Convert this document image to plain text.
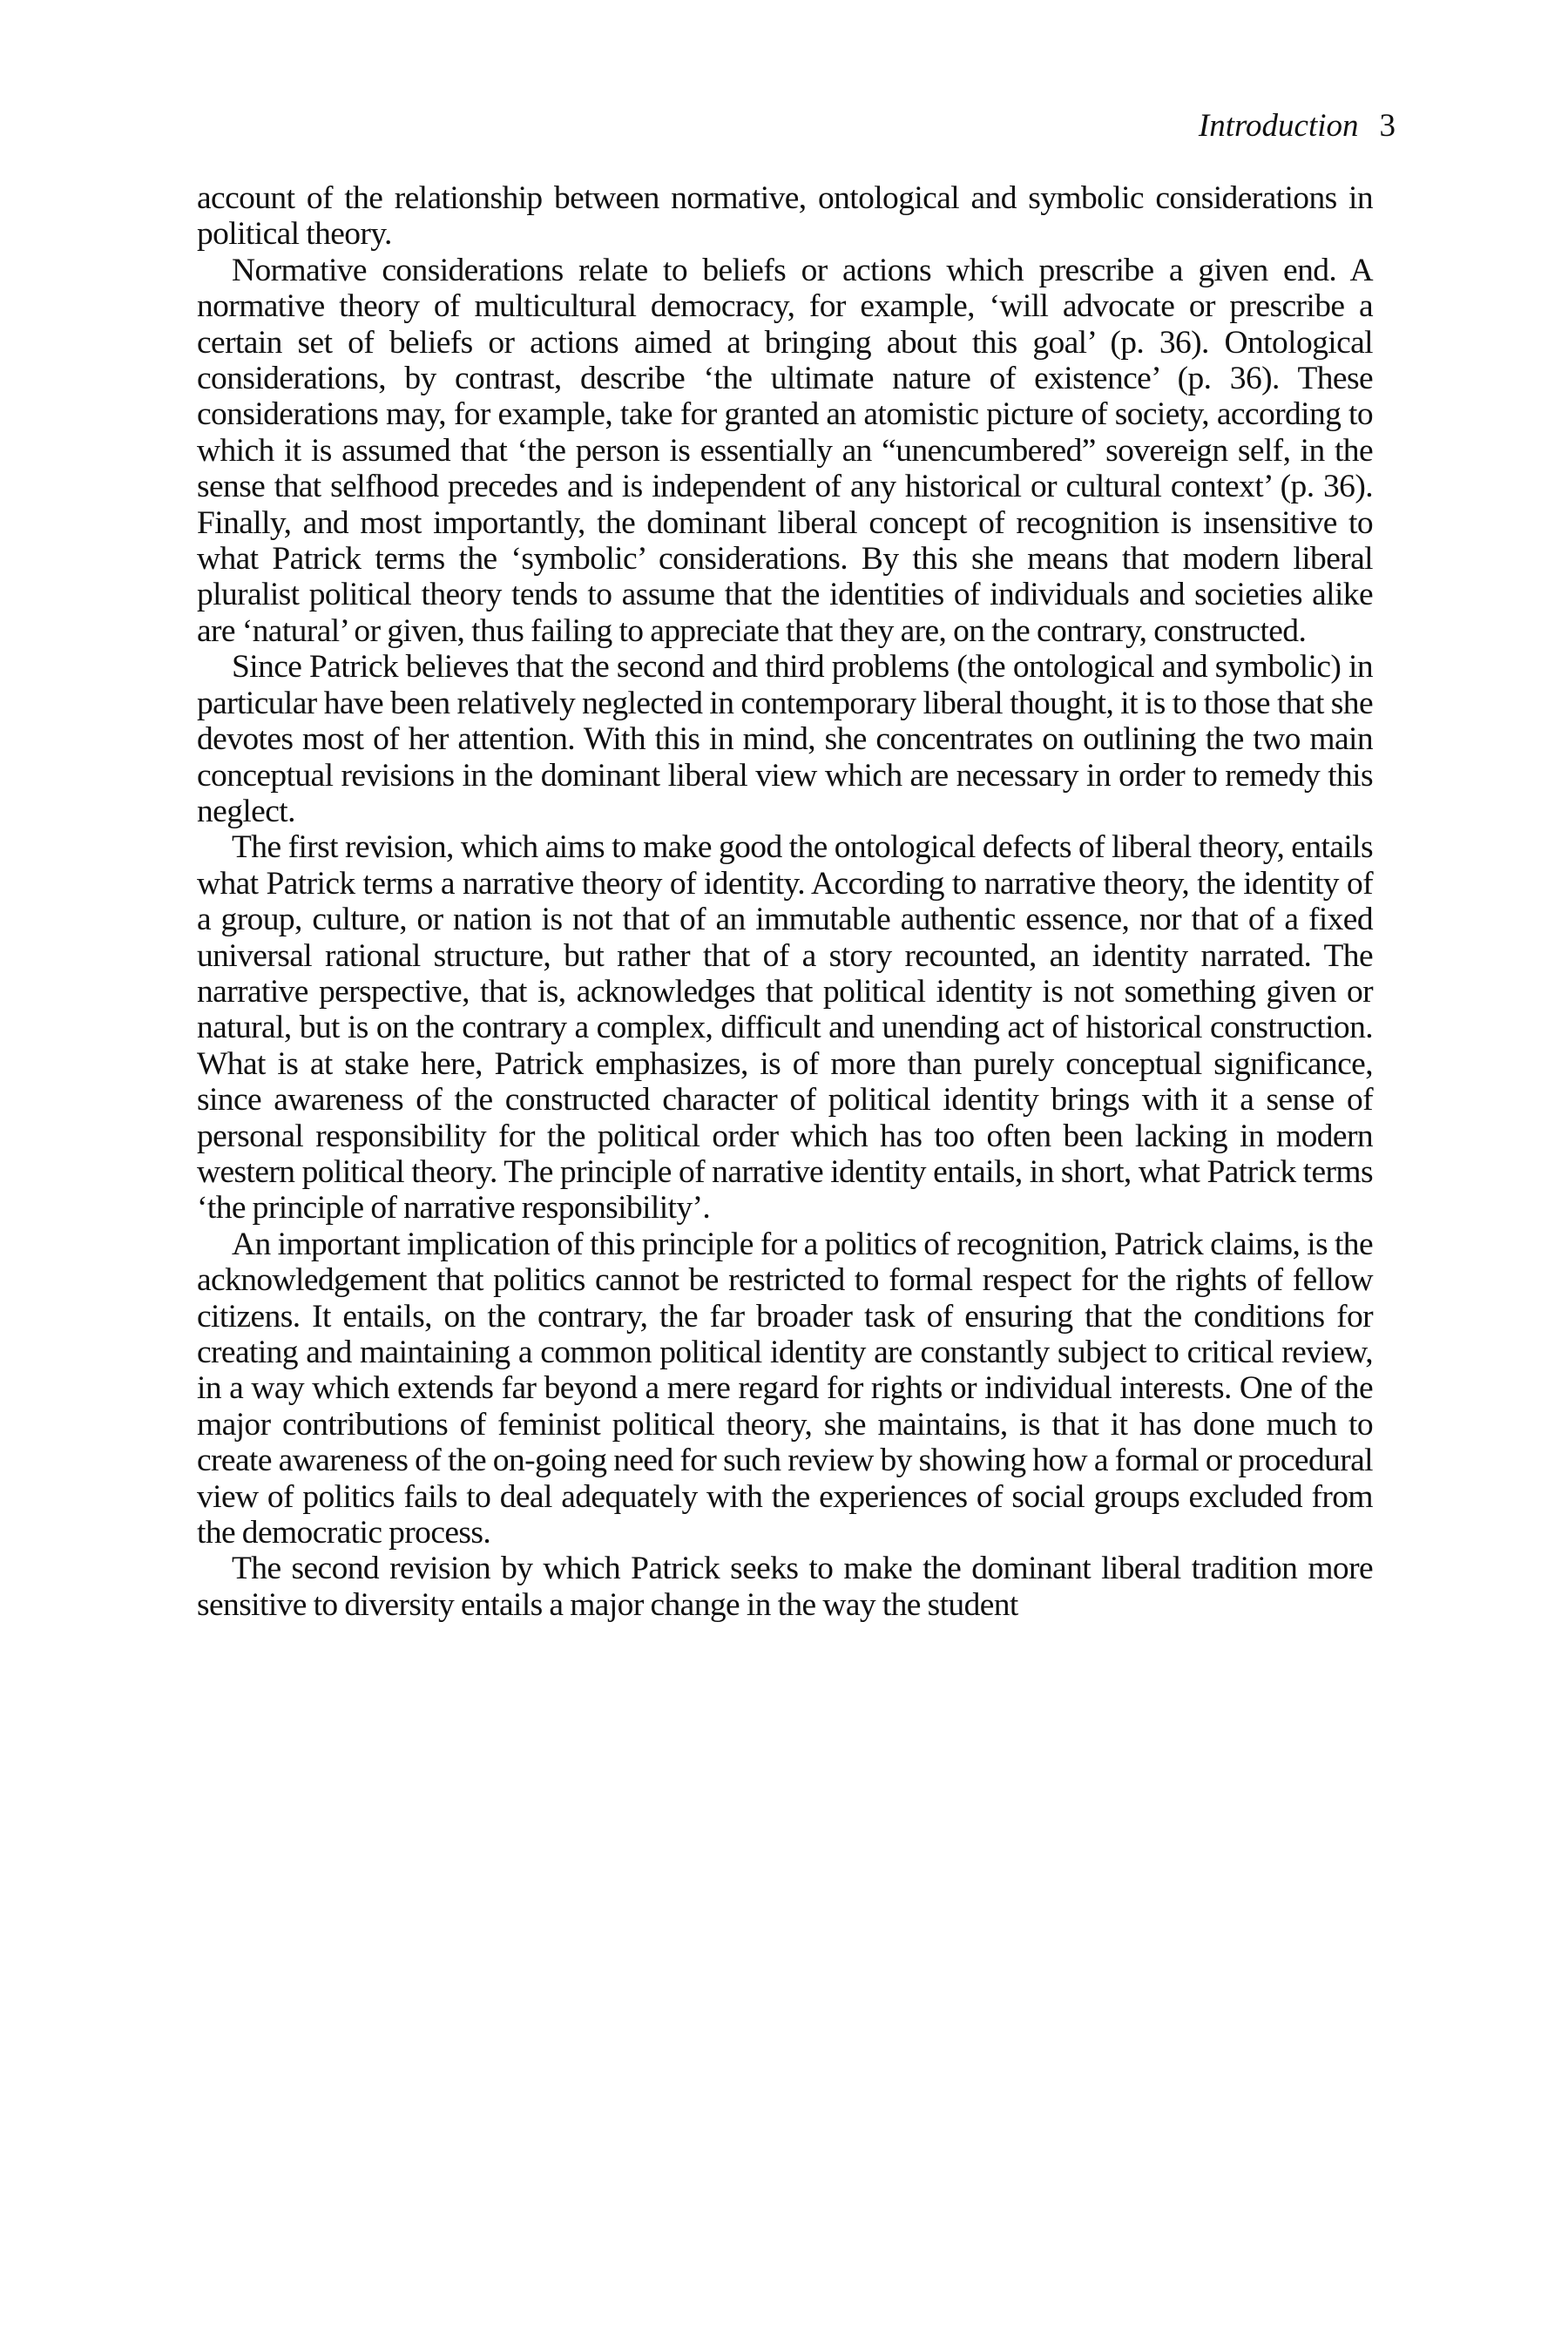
Introduction 3

account of the relationship between normative, ontological and symbolic considerations in political theory.

Normative considerations relate to beliefs or actions which prescribe a given end. A normative theory of multicultural democracy, for example, ‘will advocate or prescribe a certain set of beliefs or actions aimed at bringing about this goal’ (p. 36). Ontological considerations, by contrast, describe ‘the ultimate nature of existence’ (p. 36). These considerations may, for example, take for granted an atomistic picture of society, according to which it is assumed that ‘the person is essentially an “unencumbered” sovereign self, in the sense that selfhood precedes and is independent of any historical or cultural context’ (p. 36). Finally, and most importantly, the dominant liberal concept of recognition is insensitive to what Patrick terms the ‘symbolic’ considerations. By this she means that modern liberal pluralist political theory tends to assume that the identities of individuals and societies alike are ‘natural’ or given, thus failing to appreciate that they are, on the contrary, constructed.

Since Patrick believes that the second and third problems (the ontological and symbolic) in particular have been relatively neglected in contemporary liberal thought, it is to those that she devotes most of her attention. With this in mind, she concentrates on outlining the two main conceptual revisions in the dominant liberal view which are necessary in order to remedy this neglect.

The first revision, which aims to make good the ontological defects of liberal theory, entails what Patrick terms a narrative theory of identity. According to narrative theory, the identity of a group, culture, or nation is not that of an immutable authentic essence, nor that of a fixed universal rational structure, but rather that of a story recounted, an identity narrated. The narrative perspective, that is, acknowledges that political identity is not something given or natural, but is on the contrary a complex, difficult and unending act of historical construction. What is at stake here, Patrick emphasizes, is of more than purely conceptual significance, since awareness of the constructed character of political identity brings with it a sense of personal responsibility for the political order which has too often been lacking in modern western political theory. The principle of narrative identity entails, in short, what Patrick terms ‘the principle of narrative responsibility’.

An important implication of this principle for a politics of recognition, Patrick claims, is the acknowledgement that politics cannot be restricted to formal respect for the rights of fellow citizens. It entails, on the contrary, the far broader task of ensuring that the conditions for creating and maintaining a common political identity are constantly subject to critical review, in a way which extends far beyond a mere regard for rights or individual interests. One of the major contributions of feminist political theory, she maintains, is that it has done much to create awareness of the on-going need for such review by showing how a formal or procedural view of politics fails to deal adequately with the experiences of social groups excluded from the democratic process.

The second revision by which Patrick seeks to make the dominant liberal tradition more sensitive to diversity entails a major change in the way the student
